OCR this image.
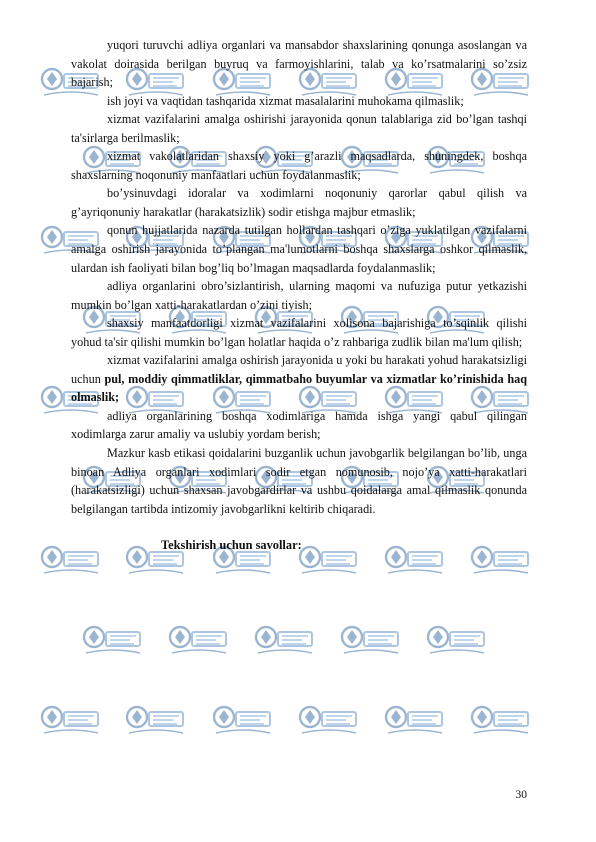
yuqori turuvchi adliya organlari va mansabdor shaxslarining qonunga asoslangan va vakolat doirasida berilgan buyruq va farmoyishlarini, talab va ko’rsatmalarini so’zsiz bajarish;

ish joyi va vaqtidan tashqarida xizmat masalalarini muhokama qilmaslik;

xizmat vazifalarini amalga oshirishi jarayonida qonun talablariga zid bo’lgan tashqi ta'sirlarga berilmaslik;

xizmat vakolatlaridan shaxsiy yoki g’arazli maqsadlarda, shuningdek, boshqa shaxslarning noqonuniy manfaatlari uchun foydalanmaslik;

bo’ysinuvdagi idoralar va xodimlarni noqonuniy qarorlar qabul qilish va g’ayriqonuniy harakatlar (harakatsizlik) sodir etishga majbur etmaslik;

qonun hujjatlarida nazarda tutilgan hollardan tashqari o’ziga yuklatilgan vazifalarni amalga oshirish jarayonida to’plangan ma'lumotlarni boshqa shaxslarga oshkor qilmaslik, ulardan ish faoliyati bilan bog’liq bo’lmagan maqsadlarda foydalanmaslik;

adliya organlarini obro’sizlantirish, ularning maqomi va nufuziga putur yetkazishi mumkin bo’lgan xatti-harakatlardan o’zini tiyish;

shaxsiy manfaatdorligi xizmat vazifalarini xolisona bajarishiga to’sqinlik qilishi yohud ta'sir qilishi mumkin bo’lgan holatlar haqida o’z rahbariga zudlik bilan ma'lum qilish;

xizmat vazifalarini amalga oshirish jarayonida u yoki bu harakati yohud harakatsizligi uchun pul, moddiy qimmatliklar, qimmatbaho buyumlar va xizmatlar ko’rinishida haq olmaslik;

adliya organlarining boshqa xodimlariga hamda ishga yangi qabul qilingan xodimlarga zarur amaliy va uslubiy yordam berish;

Mazkur kasb etikasi qoidalarini buzganlik uchun javobgarlik belgilangan bo’lib, unga binoan Adliya organlari xodimlari sodir etgan nomunosib, nojo’ya xatti-harakatlari (harakatsizligi) uchun shaxsan javobgardirlar va ushbu qoidalarga amal qilmaslik qonunda belgilangan tartibda intizomiy javobgarlikni keltirib chiqaradi.

Tekshirish uchun savollar:

30
